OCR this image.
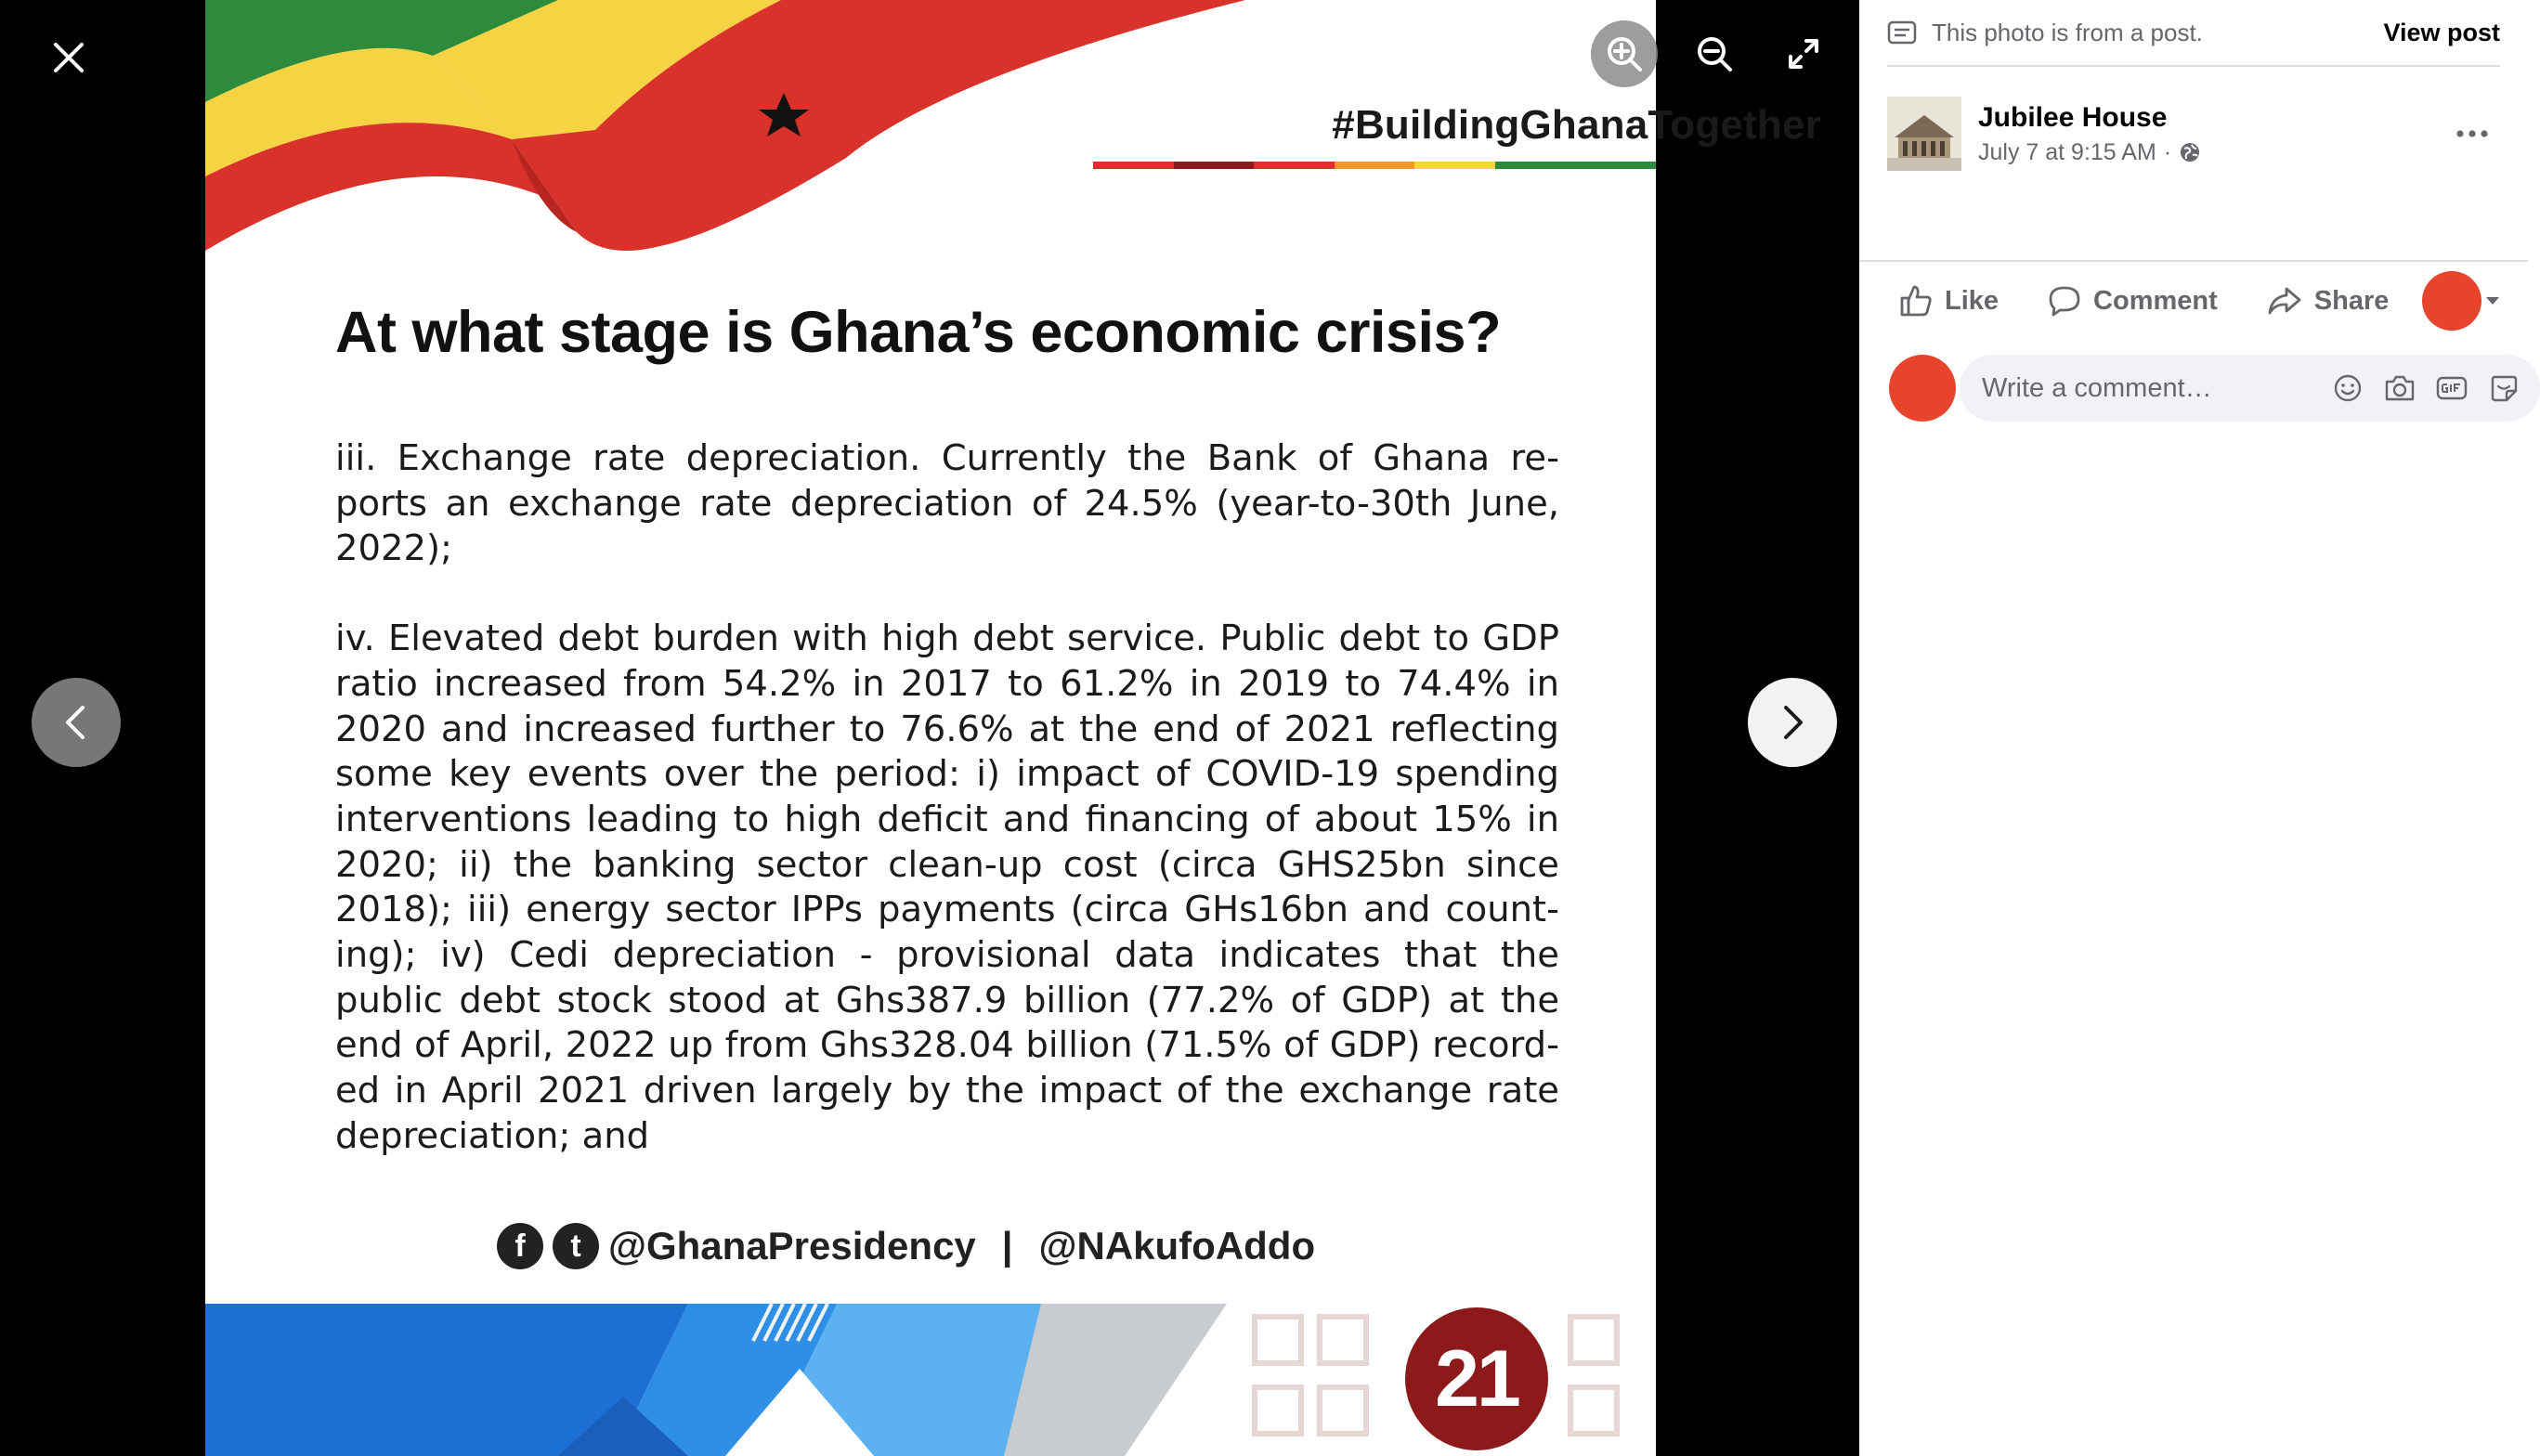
#BuildingGhanaTogether
At what stage is Ghana’s economic crisis?

iii. Exchange rate depreciation. Currently the Bank of Ghana re-ports an exchange rate depreciation of 24.5% (year-to-30th June, 2022);

iv. Elevated debt burden with high debt service. Public debt to GDP ratio increased from 54.2% in 2017 to 61.2% in 2019 to 74.4% in 2020 and increased further to 76.6% at the end of 2021 reflecting some key events over the period: i) impact of COVID-19 spending interventions leading to high deficit and financing of about 15% in 2020; ii) the banking sector clean-up cost (circa GHS25bn since 2018); iii) energy sector IPPs payments (circa GHs16bn and count-ing); iv) Cedi depreciation - provisional data indicates that the public debt stock stood at Ghs387.9 billion (77.2% of GDP) at the end of April, 2022 up from Ghs328.04 billion (71.5% of GDP) record-ed in April 2021 driven largely by the impact of the exchange rate depreciation; and

f	t @GhanaPresidency | @NAkufoAddo
21
This photo is from a post.	View post
Jubilee House
July 7 at 9:15 AM ·
Like	Comment	Share
Write a comment…
